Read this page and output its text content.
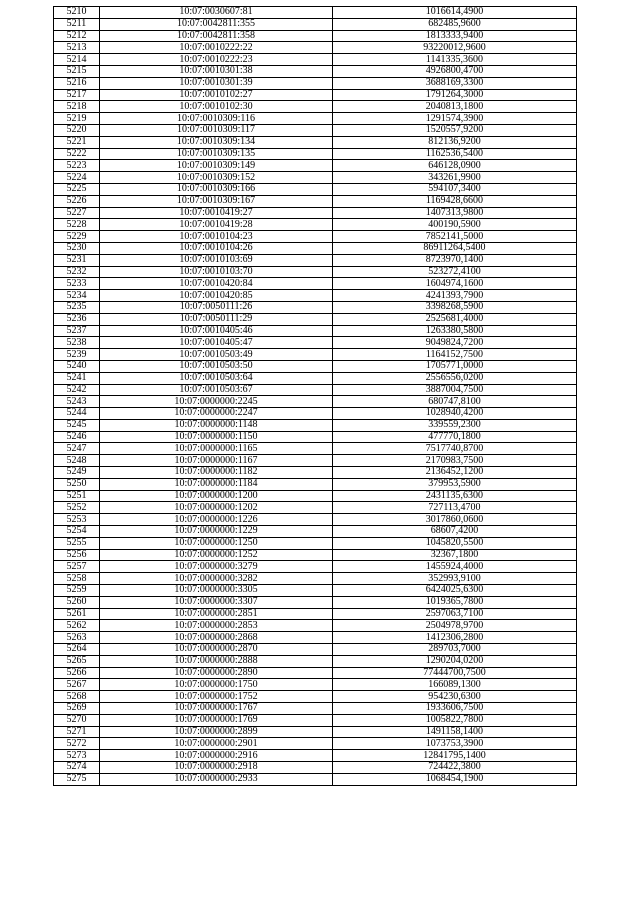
5210	10:07:0030607:81	1016614,4900
5211	10:07:0042811:355	682485,9600
5212	10:07:0042811:358	1813333,9400
5213	10:07:0010222:22	93220012,9600
5214	10:07:0010222:23	1141335,3600
5215	10:07:0010301:38	4926800,4700
5216	10:07:0010301:39	3688169,3300
5217	10:07:0010102:27	1791264,3000
5218	10:07:0010102:30	2040813,1800
5219	10:07:0010309:116	1291574,3900
5220	10:07:0010309:117	1520557,9200
5221	10:07:0010309:134	812136,9200
5222	10:07:0010309:135	1162536,5400
5223	10:07:0010309:149	646128,0900
5224	10:07:0010309:152	343261,9900
5225	10:07:0010309:166	594107,3400
5226	10:07:0010309:167	1169428,6600
5227	10:07:0010419:27	1407313,9800
5228	10:07:0010419:28	400190,5900
5229	10:07:0010104:23	7852141,5000
5230	10:07:0010104:26	86911264,5400
5231	10:07:0010103:69	8723970,1400
5232	10:07:0010103:70	523272,4100
5233	10:07:0010420:84	1604974,1600
5234	10:07:0010420:85	4241393,7900
5235	10:07:0050111:26	3398268,5900
5236	10:07:0050111:29	2525681,4000
5237	10:07:0010405:46	1263380,5800
5238	10:07:0010405:47	9049824,7200
5239	10:07:0010503:49	1164152,7500
5240	10:07:0010503:50	1705771,0000
5241	10:07:0010503:64	2556556,0200
5242	10:07:0010503:67	3887004,7500
5243	10:07:0000000:2245	680747,8100
5244	10:07:0000000:2247	1028940,4200
5245	10:07:0000000:1148	339559,2300
5246	10:07:0000000:1150	477770,1800
5247	10:07:0000000:1165	7517740,8700
5248	10:07:0000000:1167	2170983,7500
5249	10:07:0000000:1182	2136452,1200
5250	10:07:0000000:1184	379953,5900
5251	10:07:0000000:1200	2431135,6300
5252	10:07:0000000:1202	727113,4700
5253	10:07:0000000:1226	3017860,0600
5254	10:07:0000000:1229	68607,4200
5255	10:07:0000000:1250	1045820,5500
5256	10:07:0000000:1252	32367,1800
5257	10:07:0000000:3279	1455924,4000
5258	10:07:0000000:3282	352993,9100
5259	10:07:0000000:3305	6424025,6300
5260	10:07:0000000:3307	1019365,7800
5261	10:07:0000000:2851	2597063,7100
5262	10:07:0000000:2853	2504978,9700
5263	10:07:0000000:2868	1412306,2800
5264	10:07:0000000:2870	289703,7000
5265	10:07:0000000:2888	1290204,0200
5266	10:07:0000000:2890	77444700,7500
5267	10:07:0000000:1750	166089,1300
5268	10:07:0000000:1752	954230,6300
5269	10:07:0000000:1767	1933606,7500
5270	10:07:0000000:1769	1005822,7800
5271	10:07:0000000:2899	1491158,1400
5272	10:07:0000000:2901	1073753,3900
5273	10:07:0000000:2916	12841795,1400
5274	10:07:0000000:2918	724422,3800
5275	10:07:0000000:2933	1068454,1900
